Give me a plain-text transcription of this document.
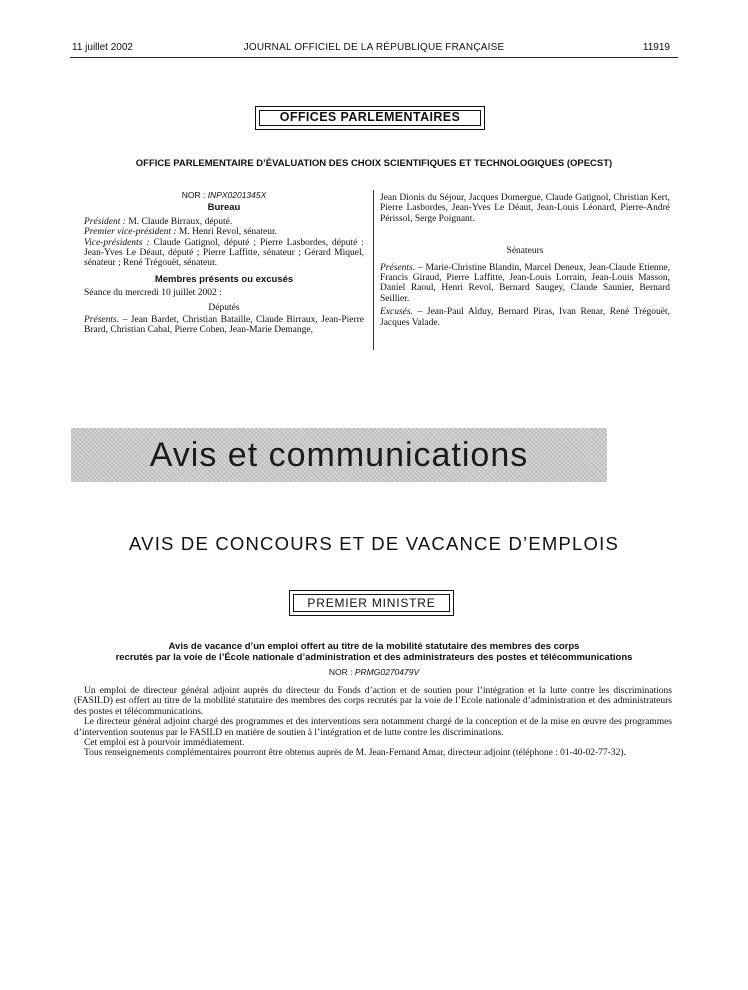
11 juillet 2002	JOURNAL OFFICIEL DE LA RÉPUBLIQUE FRANÇAISE	11919
OFFICES PARLEMENTAIRES
OFFICE PARLEMENTAIRE D’ÉVALUATION DES CHOIX SCIENTIFIQUES ET TECHNOLOGIQUES (OPECST)
NOR : INPX0201345X
Bureau

Président : M. Claude Birraux, député.

Premier vice-président : M. Henri Revol, sénateur.

Vice-présidents : Claude Gatignol, député ; Pierre Lasbordes, député : Jean-Yves Le Déaut, député ; Pierre Laffitte, sénateur ; Gérard Miquel, sénateur ; René Trégouët, sénateur.

Membres présents ou excusés

Séance du mercredi 10 juillet 2002 :

Députés

Présents. – Jean Bardet, Christian Bataille, Claude Birraux, Jean-Pierre Brard, Christian Cabal, Pierre Cohen, Jean-Marie Demange,

Jean Dionis du Séjour, Jacques Domergue, Claude Gatignol, Christian Kert, Pierre Lasbordes, Jean-Yves Le Déaut, Jean-Louis Léonard, Pierre-André Périssol, Serge Poignant.

Sénateurs

Présents. – Marie-Christine Blandin, Marcel Deneux, Jean-Claude Etienne, Francis Giraud, Pierre Laffitte, Jean-Louis Lorrain, Jean-Louis Masson, Daniel Raoul, Henri Revol, Bernard Saugey, Claude Saunier, Bernard Seillier.

Excusés. – Jean-Paul Alduy, Bernard Piras, Ivan Renar, René Trégouët, Jacques Valade.

Avis et communications
AVIS DE CONCOURS ET DE VACANCE D’EMPLOIS
PREMIER MINISTRE
Avis de vacance d’un emploi offert au titre de la mobilité statutaire des membres des corps
recrutés par la voie de l’École nationale d’administration et des administrateurs des postes et télécommunications
NOR : PRMG0270479V

Un emploi de directeur général adjoint auprès du directeur du Fonds d’action et de soutien pour l’intégration et la lutte contre les discriminations (FASILD) est offert au titre de la mobilité statutaire des membres des corps recrutés par la voie de l’Ecole nationale d’administration et des administrateurs des postes et télécommunications.

Le directeur général adjoint chargé des programmes et des interventions sera notamment chargé de la conception et de la mise en œuvre des programmes d’intervention soutenus par le FASILD en matière de soutien à l’intégration et de lutte contre les discriminations.

Cet emploi est à pourvoir immédiatement.

Tous renseignements complémentaires pourront être obtenus auprès de M. Jean-Fernand Amar, directeur adjoint (téléphone : 01-40-02-77-32).
